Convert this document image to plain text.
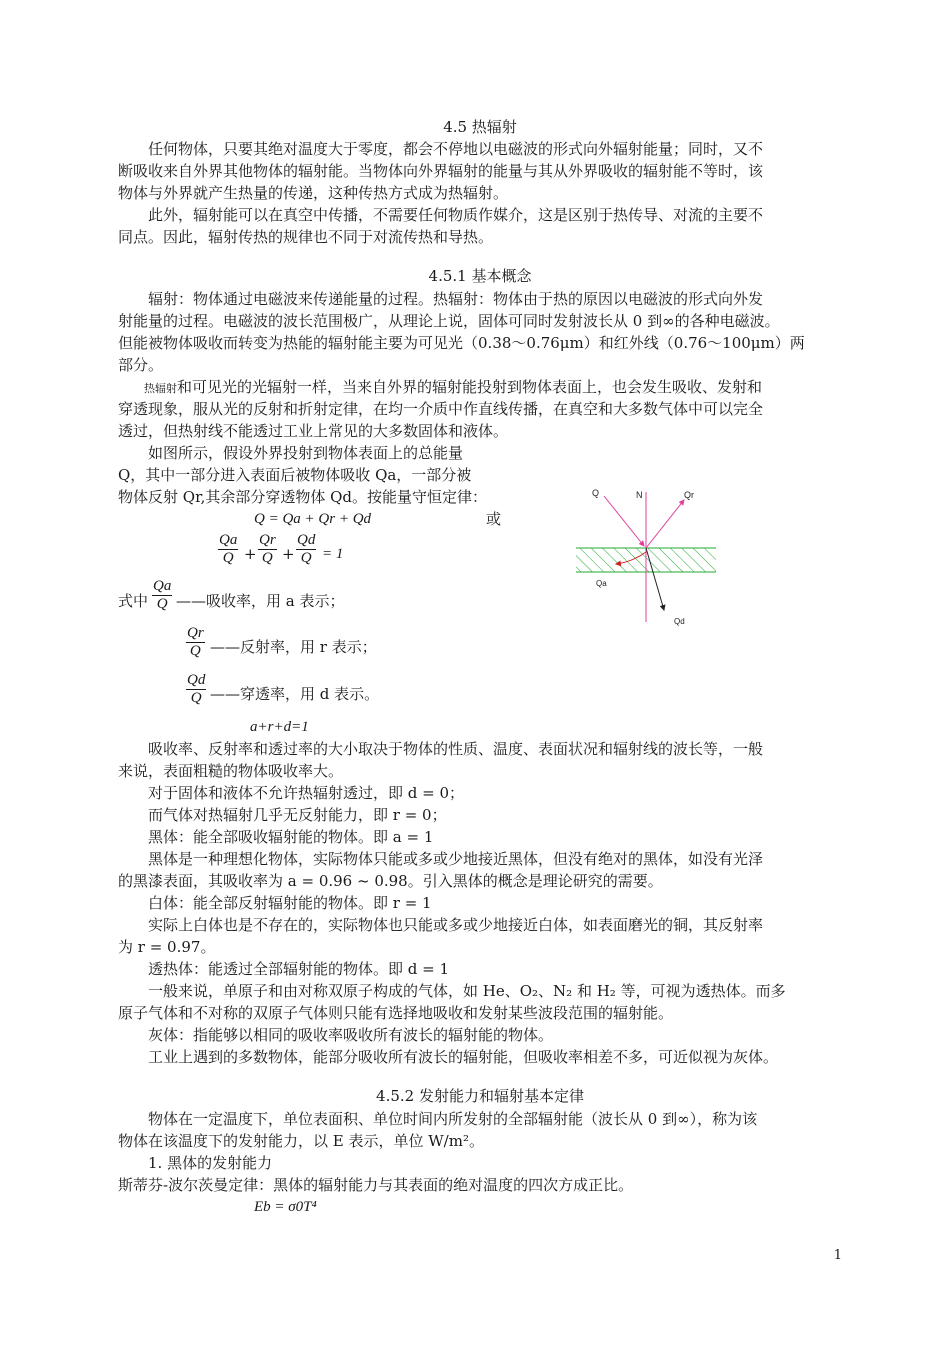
4.5 热辐射
任何物体，只要其绝对温度大于零度，都会不停地以电磁波的形式向外辐射能量；同时，又不
断吸收来自外界其他物体的辐射能。当物体向外界辐射的能量与其从外界吸收的辐射能不等时，该
物体与外界就产生热量的传递，这种传热方式成为热辐射。
此外，辐射能可以在真空中传播，不需要任何物质作媒介，这是区别于热传导、对流的主要不
同点。因此，辐射传热的规律也不同于对流传热和导热。
4.5.1 基本概念
辐射：物体通过电磁波来传递能量的过程。热辐射：物体由于热的原因以电磁波的形式向外发
射能量的过程。电磁波的波长范围极广，从理论上说，固体可同时发射波长从 0 到∞的各种电磁波。
但能被物体吸收而转变为热能的辐射能主要为可见光（0.38～0.76μm）和红外线（0.76～100μm）两
部分。
热辐射和可见光的光辐射一样，当来自外界的辐射能投射到物体表面上，也会发生吸收、发射和
穿透现象，服从光的反射和折射定律，在均一介质中作直线传播，在真空和大多数气体中可以完全
透过，但热射线不能透过工业上常见的大多数固体和液体。
如图所示，假设外界投射到物体表面上的总能量
Q，其中一部分进入表面后被物体吸收 Qa，一部分被
物体反射 Qr,其余部分穿透物体 Qd。按能量守恒定律：
Q = Qa + Qr + Qd	或
Qa
Q +
Qr
Q +
Qd
Q = 1
式中
Qa
Q ——吸收率，用 a 表示；
Qr
Q ——反射率，用 r 表示；
Qd
Q ——穿透率，用 d 表示。
a+r+d=1
吸收率、反射率和透过率的大小取决于物体的性质、温度、表面状况和辐射线的波长等，一般
来说，表面粗糙的物体吸收率大。
对于固体和液体不允许热辐射透过，即 d = 0；
而气体对热辐射几乎无反射能力，即 r = 0；
黑体：能全部吸收辐射能的物体。即 a = 1
黑体是一种理想化物体，实际物体只能或多或少地接近黑体，但没有绝对的黑体，如没有光泽
的黑漆表面，其吸收率为 a = 0.96 ~ 0.98。引入黑体的概念是理论研究的需要。
白体：能全部反射辐射能的物体。即 r = 1
实际上白体也是不存在的，实际物体也只能或多或少地接近白体，如表面磨光的铜，其反射率
为 r = 0.97。
透热体：能透过全部辐射能的物体。即 d = 1
一般来说，单原子和由对称双原子构成的气体，如 He、O₂、N₂ 和 H₂ 等，可视为透热体。而多
原子气体和不对称的双原子气体则只能有选择地吸收和发射某些波段范围的辐射能。
灰体：指能够以相同的吸收率吸收所有波长的辐射能的物体。
工业上遇到的多数物体，能部分吸收所有波长的辐射能，但吸收率相差不多，可近似视为灰体。
4.5.2 发射能力和辐射基本定律
物体在一定温度下，单位表面积、单位时间内所发射的全部辐射能（波长从 0 到∞），称为该
物体在该温度下的发射能力，以 E 表示，单位 W/m²。
1. 黑体的发射能力
斯蒂芬-波尔茨曼定律：黑体的辐射能力与其表面的绝对温度的四次方成正比。
Eb = σ0T⁴
Q	N	Qr
Qa
Qd
1
